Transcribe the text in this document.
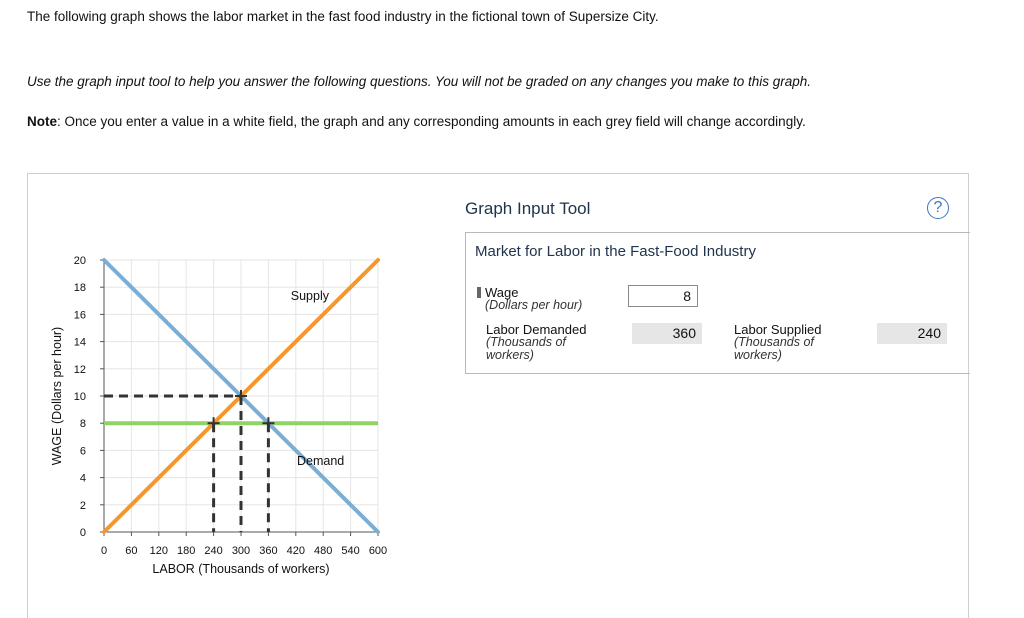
The following graph shows the labor market in the fast food industry in the fictional town of Supersize City.

Use the graph input tool to help you answer the following questions. You will not be graded on any changes you make to this graph.

Note: Once you enter a value in a white field, the graph and any corresponding amounts in each grey field will change accordingly.

0 60 120 180 240 300 360 420 480 540 600
0
2
4
6
8
10
12
14
16
18
20
Supply
Demand
LABOR (Thousands of workers)
WAGE (Dollars per hour)
Graph Input Tool	?
Market for Labor in the Fast-Food Industry
Wage
(Dollars per hour)
8
Labor Demanded
(Thousands of
workers)
360	Labor Supplied
(Thousands of
workers)
240
